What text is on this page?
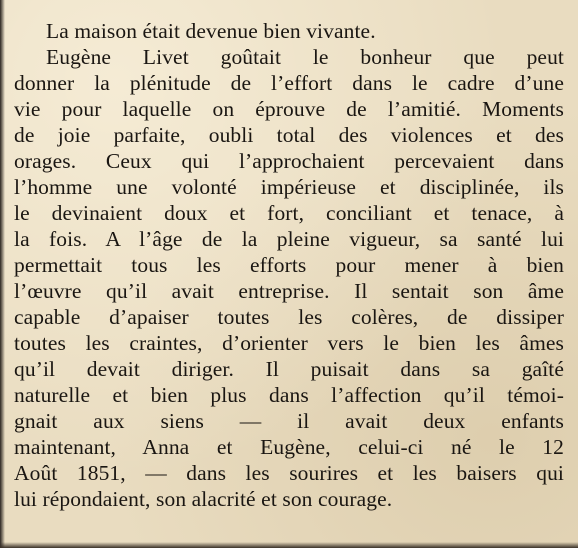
La maison était devenue bien vivante.
Eugène Livet goûtait le bonheur que peut
donner la plénitude de l’effort dans le cadre d’une
vie pour laquelle on éprouve de l’amitié. Moments
de joie parfaite, oubli total des violences et des
orages. Ceux qui l’approchaient percevaient dans
l’homme une volonté impérieuse et disciplinée, ils
le devinaient doux et fort, conciliant et tenace, à
la fois. A l’âge de la pleine vigueur, sa santé lui
permettait tous les efforts pour mener à bien
l’œuvre qu’il avait entreprise. Il sentait son âme
capable d’apaiser toutes les colères, de dissiper
toutes les craintes, d’orienter vers le bien les âmes
qu’il devait diriger. Il puisait dans sa gaîté
naturelle et bien plus dans l’affection qu’il témoi-
gnait aux siens — il avait deux enfants
maintenant, Anna et Eugène, celui-ci né le 12
Août 1851, — dans les sourires et les baisers qui
lui répondaient, son alacrité et son courage.
